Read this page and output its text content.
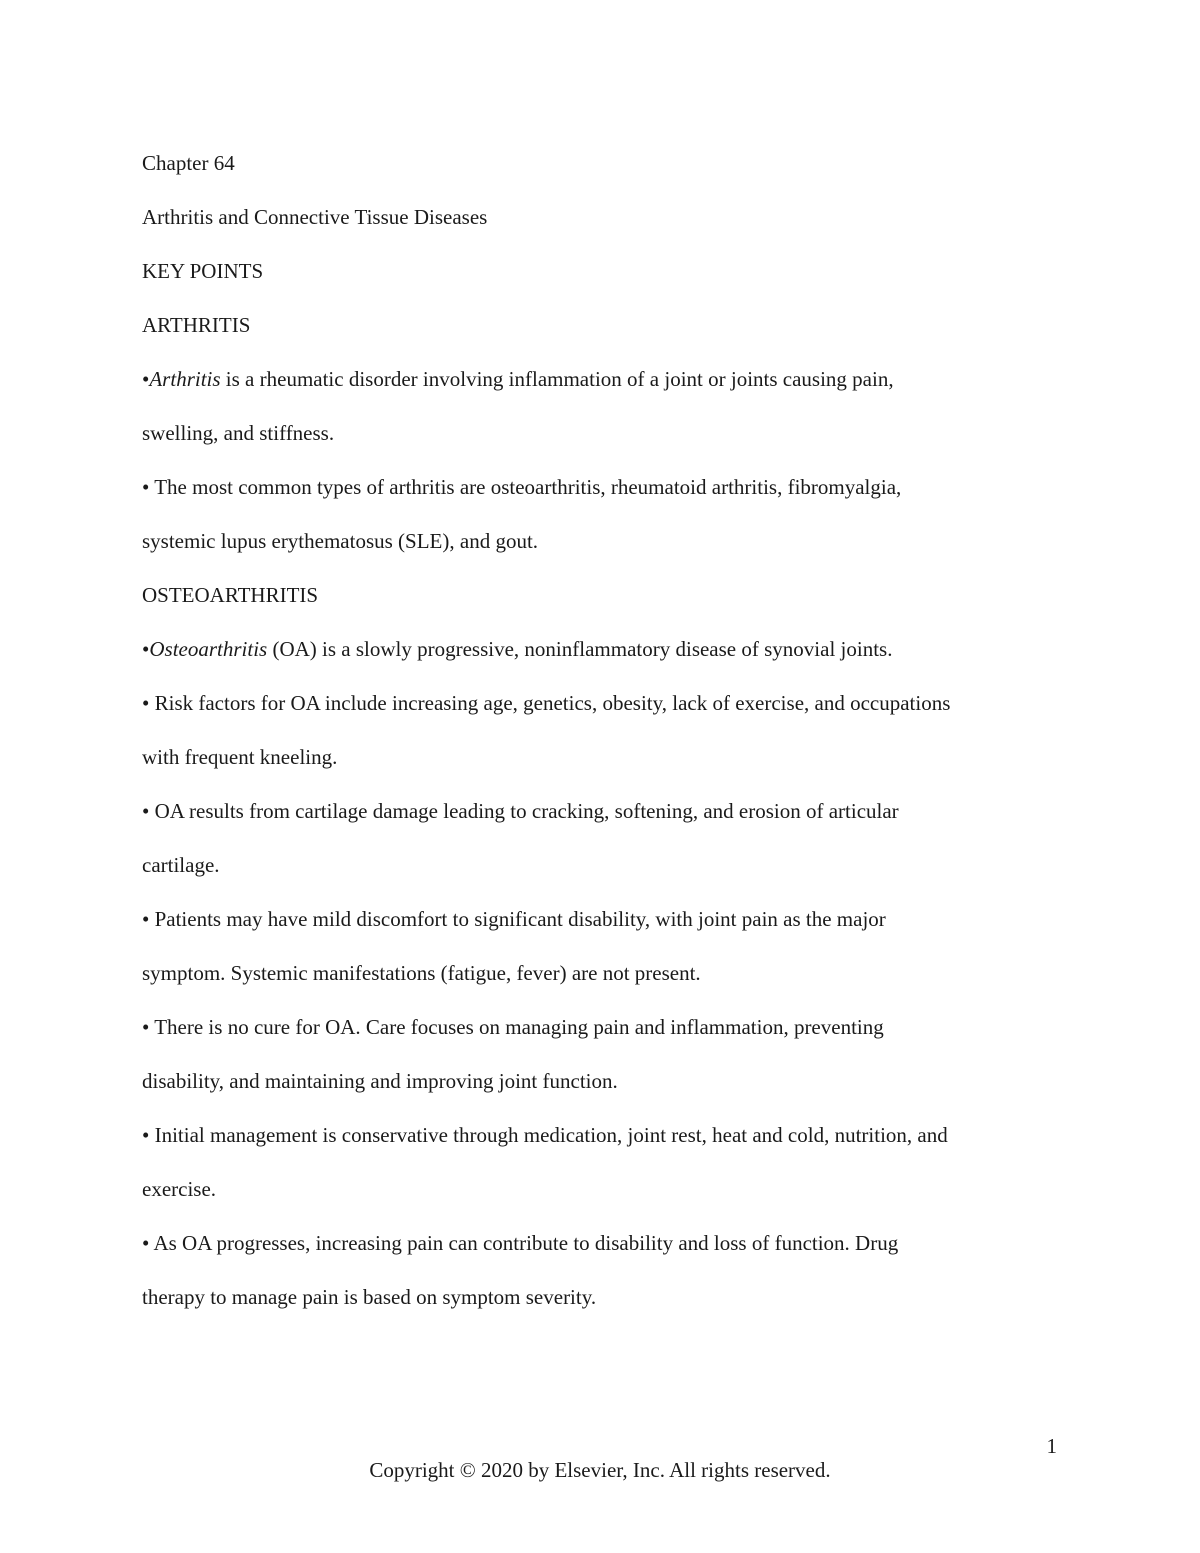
Chapter 64

Arthritis and Connective Tissue Diseases

KEY POINTS

ARTHRITIS

•Arthritis is a rheumatic disorder involving inflammation of a joint or joints causing pain,

swelling, and stiffness.

• The most common types of arthritis are osteoarthritis, rheumatoid arthritis, fibromyalgia,

systemic lupus erythematosus (SLE), and gout.

OSTEOARTHRITIS

•Osteoarthritis (OA) is a slowly progressive, noninflammatory disease of synovial joints.

• Risk factors for OA include increasing age, genetics, obesity, lack of exercise, and occupations

with frequent kneeling.

• OA results from cartilage damage leading to cracking, softening, and erosion of articular

cartilage.

• Patients may have mild discomfort to significant disability, with joint pain as the major

symptom. Systemic manifestations (fatigue, fever) are not present.

• There is no cure for OA. Care focuses on managing pain and inflammation, preventing

disability, and maintaining and improving joint function.

• Initial management is conservative through medication, joint rest, heat and cold, nutrition, and

exercise.

• As OA progresses, increasing pain can contribute to disability and loss of function. Drug

therapy to manage pain is based on symptom severity.

1
Copyright © 2020 by Elsevier, Inc. All rights reserved.
